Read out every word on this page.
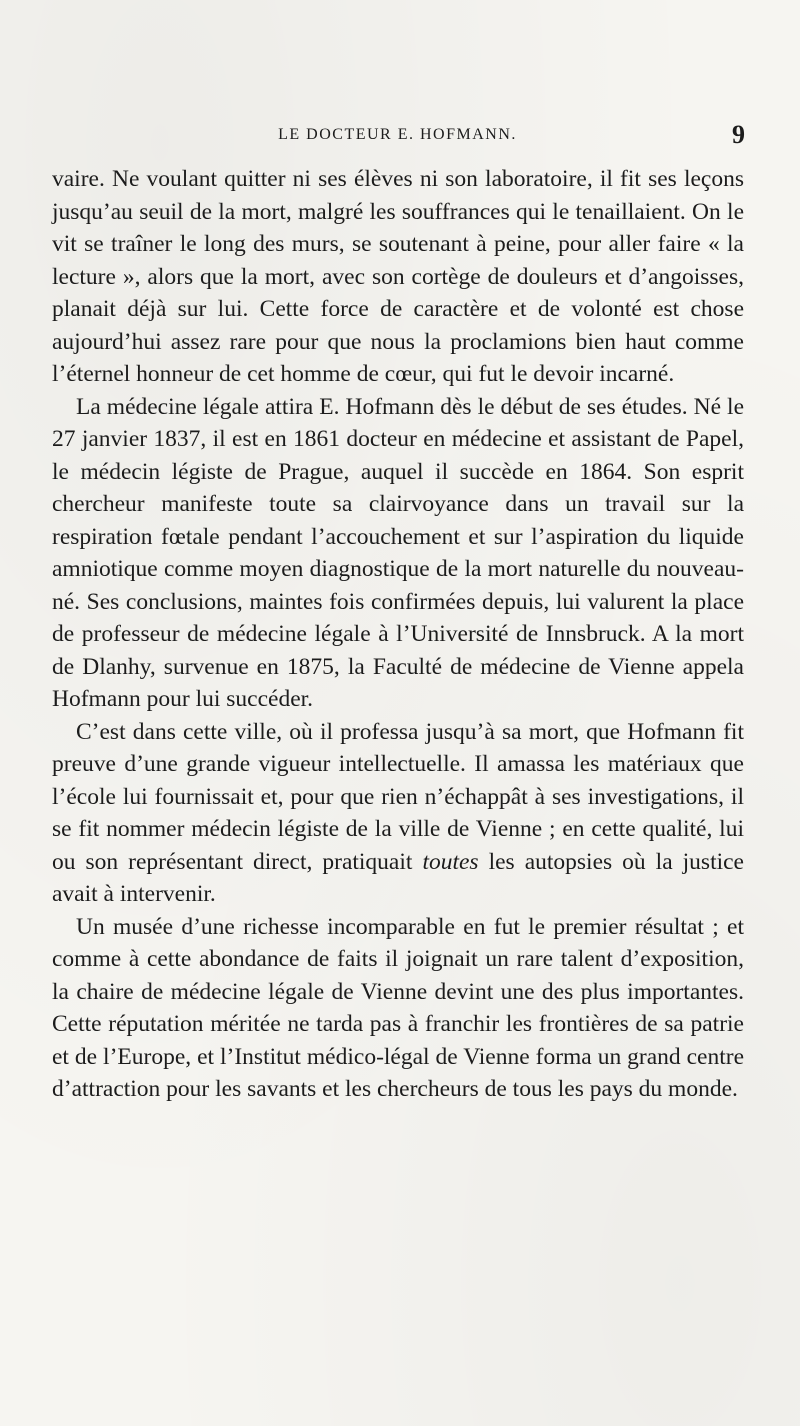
LE DOCTEUR E. HOFMANN.	9

vaire. Ne voulant quitter ni ses élèves ni son laboratoire, il fit ses leçons jusqu’au seuil de la mort, malgré les souffrances qui le tenaillaient. On le vit se traîner le long des murs, se soutenant à peine, pour aller faire « la lecture », alors que la mort, avec son cortège de douleurs et d’angoisses, planait déjà sur lui. Cette force de caractère et de volonté est chose aujourd’hui assez rare pour que nous la proclamions bien haut comme l’éternel honneur de cet homme de cœur, qui fut le devoir incarné.

La médecine légale attira E. Hofmann dès le début de ses études. Né le 27 janvier 1837, il est en 1861 docteur en médecine et assistant de Papel, le médecin légiste de Prague, auquel il succède en 1864. Son esprit chercheur manifeste toute sa clairvoyance dans un travail sur la respiration fœtale pendant l’accouchement et sur l’aspiration du liquide amniotique comme moyen diagnostique de la mort naturelle du nouveau-né. Ses conclusions, maintes fois confirmées depuis, lui valurent la place de professeur de médecine légale à l’Université de Innsbruck. A la mort de Dlanhy, survenue en 1875, la Faculté de médecine de Vienne appela Hofmann pour lui succéder.

C’est dans cette ville, où il professa jusqu’à sa mort, que Hofmann fit preuve d’une grande vigueur intellectuelle. Il amassa les matériaux que l’école lui fournissait et, pour que rien n’échappât à ses investigations, il se fit nommer médecin légiste de la ville de Vienne ; en cette qualité, lui ou son représentant direct, pratiquait toutes les autopsies où la justice avait à intervenir.

Un musée d’une richesse incomparable en fut le premier résultat ; et comme à cette abondance de faits il joignait un rare talent d’exposition, la chaire de médecine légale de Vienne devint une des plus importantes. Cette réputation méritée ne tarda pas à franchir les frontières de sa patrie et de l’Europe, et l’Institut médico-légal de Vienne forma un grand centre d’attraction pour les savants et les chercheurs de tous les pays du monde.
